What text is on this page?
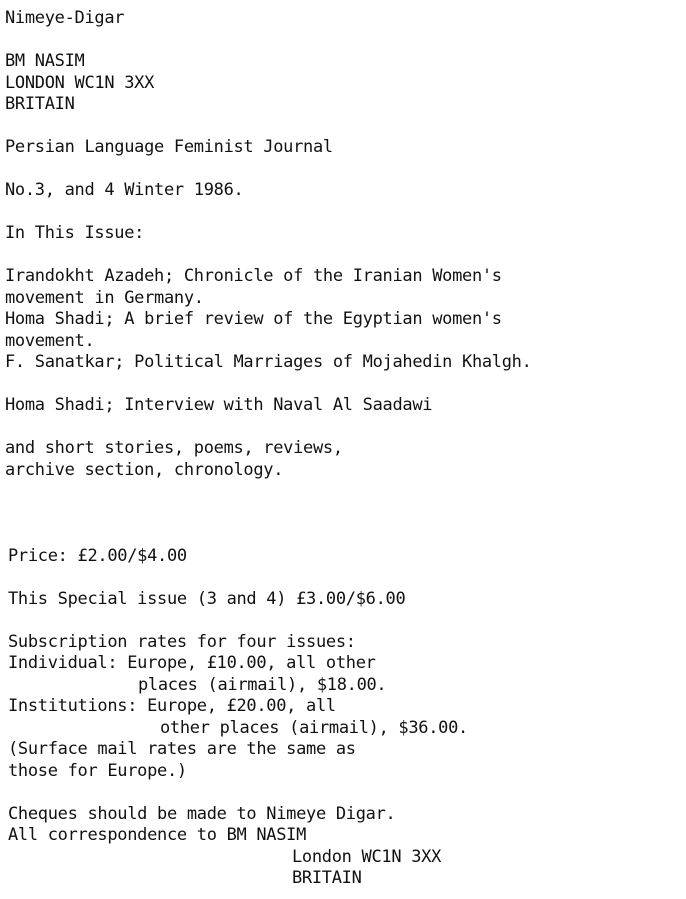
Nimeye-Digar
BM NASIM
LONDON WC1N 3XX
BRITAIN
Persian Language Feminist Journal
No.3, and 4 Winter 1986.
In This Issue:
Irandokht Azadeh; Chronicle of the Iranian Women's
movement in Germany.
Homa Shadi; A brief review of the Egyptian women's
movement.
F. Sanatkar; Political Marriages of Mojahedin Khalgh.
Homa Shadi; Interview with Naval Al Saadawi
and short stories, poems, reviews,
archive section, chronology.
Price: £2.00/$4.00
This Special issue (3 and 4) £3.00/$6.00
Subscription rates for four issues:
Individual: Europe, £10.00, all other
places (airmail), $18.00.
Institutions: Europe, £20.00, all
other places (airmail), $36.00.
(Surface mail rates are the same as
those for Europe.)
Cheques should be made to Nimeye Digar.
All correspondence to BM NASIM
London WC1N 3XX
BRITAIN
